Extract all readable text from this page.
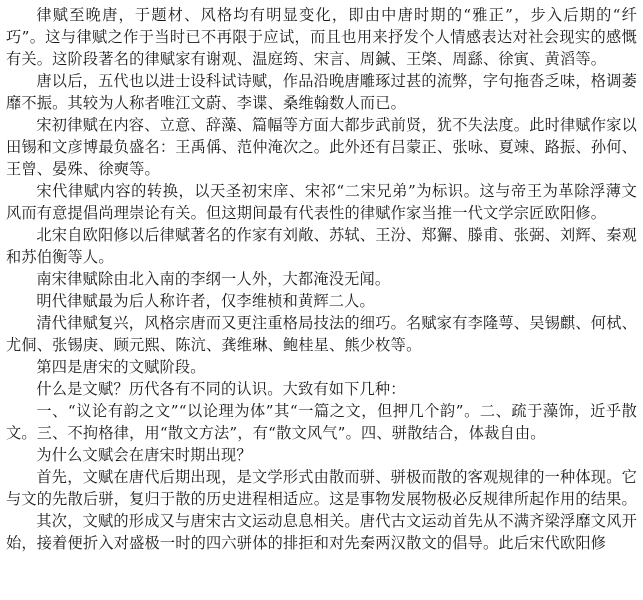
律赋至晚唐，于题材、风格均有明显变化，即由中唐时期的“雅正”，步入后期的“纤巧”。这与律赋之作于当时已不再限于应试，而且也用来抒发个人情感表达对社会现实的感慨有关。这阶段著名的律赋家有谢观、温庭筠、宋言、周鍼、王棨、周繇、徐寅、黄滔等。

唐以后，五代也以进士设科试诗赋，作品沿晚唐雕琢过甚的流弊，字句拖沓乏味，格调萎靡不振。其较为人称者唯江文蔚、李谍、桑维翰数人而已。

宋初律赋在内容、立意、辞藻、篇幅等方面大都步武前贤，犹不失法度。此时律赋作家以田锡和文彦博最负盛名：王禹偁、范仲淹次之。此外还有吕蒙正、张咏、夏竦、路振、孙何、王曾、晏殊、徐奭等。

宋代律赋内容的转换，以天圣初宋庠、宋祁“二宋兄弟”为标识。这与帝王为革除浮薄文风而有意提倡尚理崇论有关。但这期间最有代表性的律赋作家当推一代文学宗匠欧阳修。

北宋自欧阳修以后律赋著名的作家有刘敞、苏轼、王汾、郑獬、滕甫、张弼、刘辉、秦观和苏伯衡等人。

南宋律赋除由北入南的李纲一人外，大都淹没无闻。

明代律赋最为后人称许者，仅李维桢和黄辉二人。

清代律赋复兴，风格宗唐而又更注重格局技法的细巧。名赋家有李隆萼、吴锡麒、何栻、尤侗、张锡庚、顾元熙、陈沆、龚维琳、鲍桂星、熊少枚等。

第四是唐宋的文赋阶段。

什么是文赋？历代各有不同的认识。大致有如下几种：

一、“议论有韵之文”“以论理为体”其“一篇之文，但押几个韵”。二、疏于藻饰，近乎散文。三、不拘格律，用“散文方法”，有“散文风气”。四、骈散结合，体裁自由。

为什么文赋会在唐宋时期出现？

首先，文赋在唐代后期出现，是文学形式由散而骈、骈极而散的客观规律的一种体现。它与文的先散后骈，复归于散的历史进程相适应。这是事物发展物极必反规律所起作用的结果。

其次，文赋的形成又与唐宋古文运动息息相关。唐代古文运动首先从不满齐梁浮靡文风开始，接着便折入对盛极一时的四六骈体的排拒和对先秦两汉散文的倡导。此后宋代欧阳修
